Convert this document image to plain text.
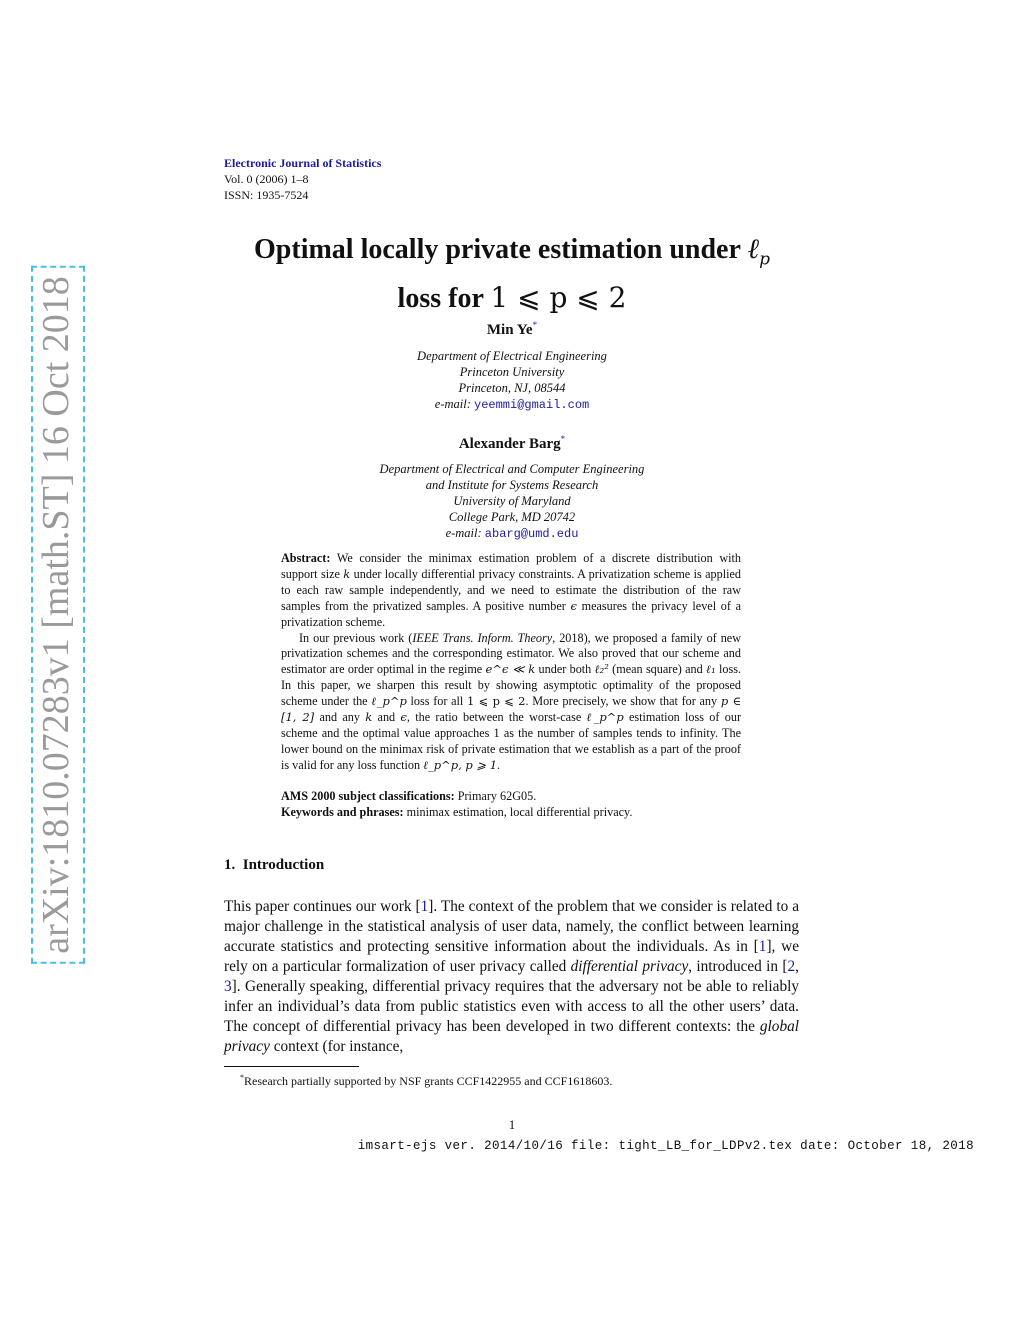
arXiv:1810.07283v1 [math.ST] 16 Oct 2018
Electronic Journal of Statistics
Vol. 0 (2006) 1–8
ISSN: 1935-7524
Optimal locally private estimation under ℓ$_p$
loss for 1 ⩽ p ⩽ 2
Min Ye*
Department of Electrical Engineering
Princeton University
Princeton, NJ, 08544
e-mail: yeemmi@gmail.com
Alexander Barg*
Department of Electrical and Computer Engineering
and Institute for Systems Research
University of Maryland
College Park, MD 20742
e-mail: abarg@umd.edu

Abstract: We consider the minimax estimation problem of a discrete distribution with support size k under locally differential privacy constraints. A privatization scheme is applied to each raw sample independently, and we need to estimate the distribution of the raw samples from the privatized samples. A positive number ϵ measures the privacy level of a privatization scheme.

In our previous work (IEEE Trans. Inform. Theory, 2018), we proposed a family of new privatization schemes and the corresponding estimator. We also proved that our scheme and estimator are order optimal in the regime e^ϵ ≪ k under both ℓ₂² (mean square) and ℓ₁ loss. In this paper, we sharpen this result by showing asymptotic optimality of the proposed scheme under the ℓ_p^p loss for all 1 ⩽ p ⩽ 2. More precisely, we show that for any p ∈ [1, 2] and any k and ϵ, the ratio between the worst-case ℓ_p^p estimation loss of our scheme and the optimal value approaches 1 as the number of samples tends to infinity. The lower bound on the minimax risk of private estimation that we establish as a part of the proof is valid for any loss function ℓ_p^p, p ⩾ 1.

AMS 2000 subject classifications: Primary 62G05.
Keywords and phrases: minimax estimation, local differential privacy.
1. Introduction

This paper continues our work [1]. The context of the problem that we consider is related to a major challenge in the statistical analysis of user data, namely, the conflict between learning accurate statistics and protecting sensitive information about the individuals. As in [1], we rely on a particular formalization of user privacy called differential privacy, introduced in [2, 3]. Generally speaking, differential privacy requires that the adversary not be able to reliably infer an individual’s data from public statistics even with access to all the other users’ data. The concept of differential privacy has been developed in two different contexts: the global privacy context (for instance,

*Research partially supported by NSF grants CCF1422955 and CCF1618603.
1
imsart-ejs ver. 2014/10/16 file: tight_LB_for_LDPv2.tex date: October 18, 2018
